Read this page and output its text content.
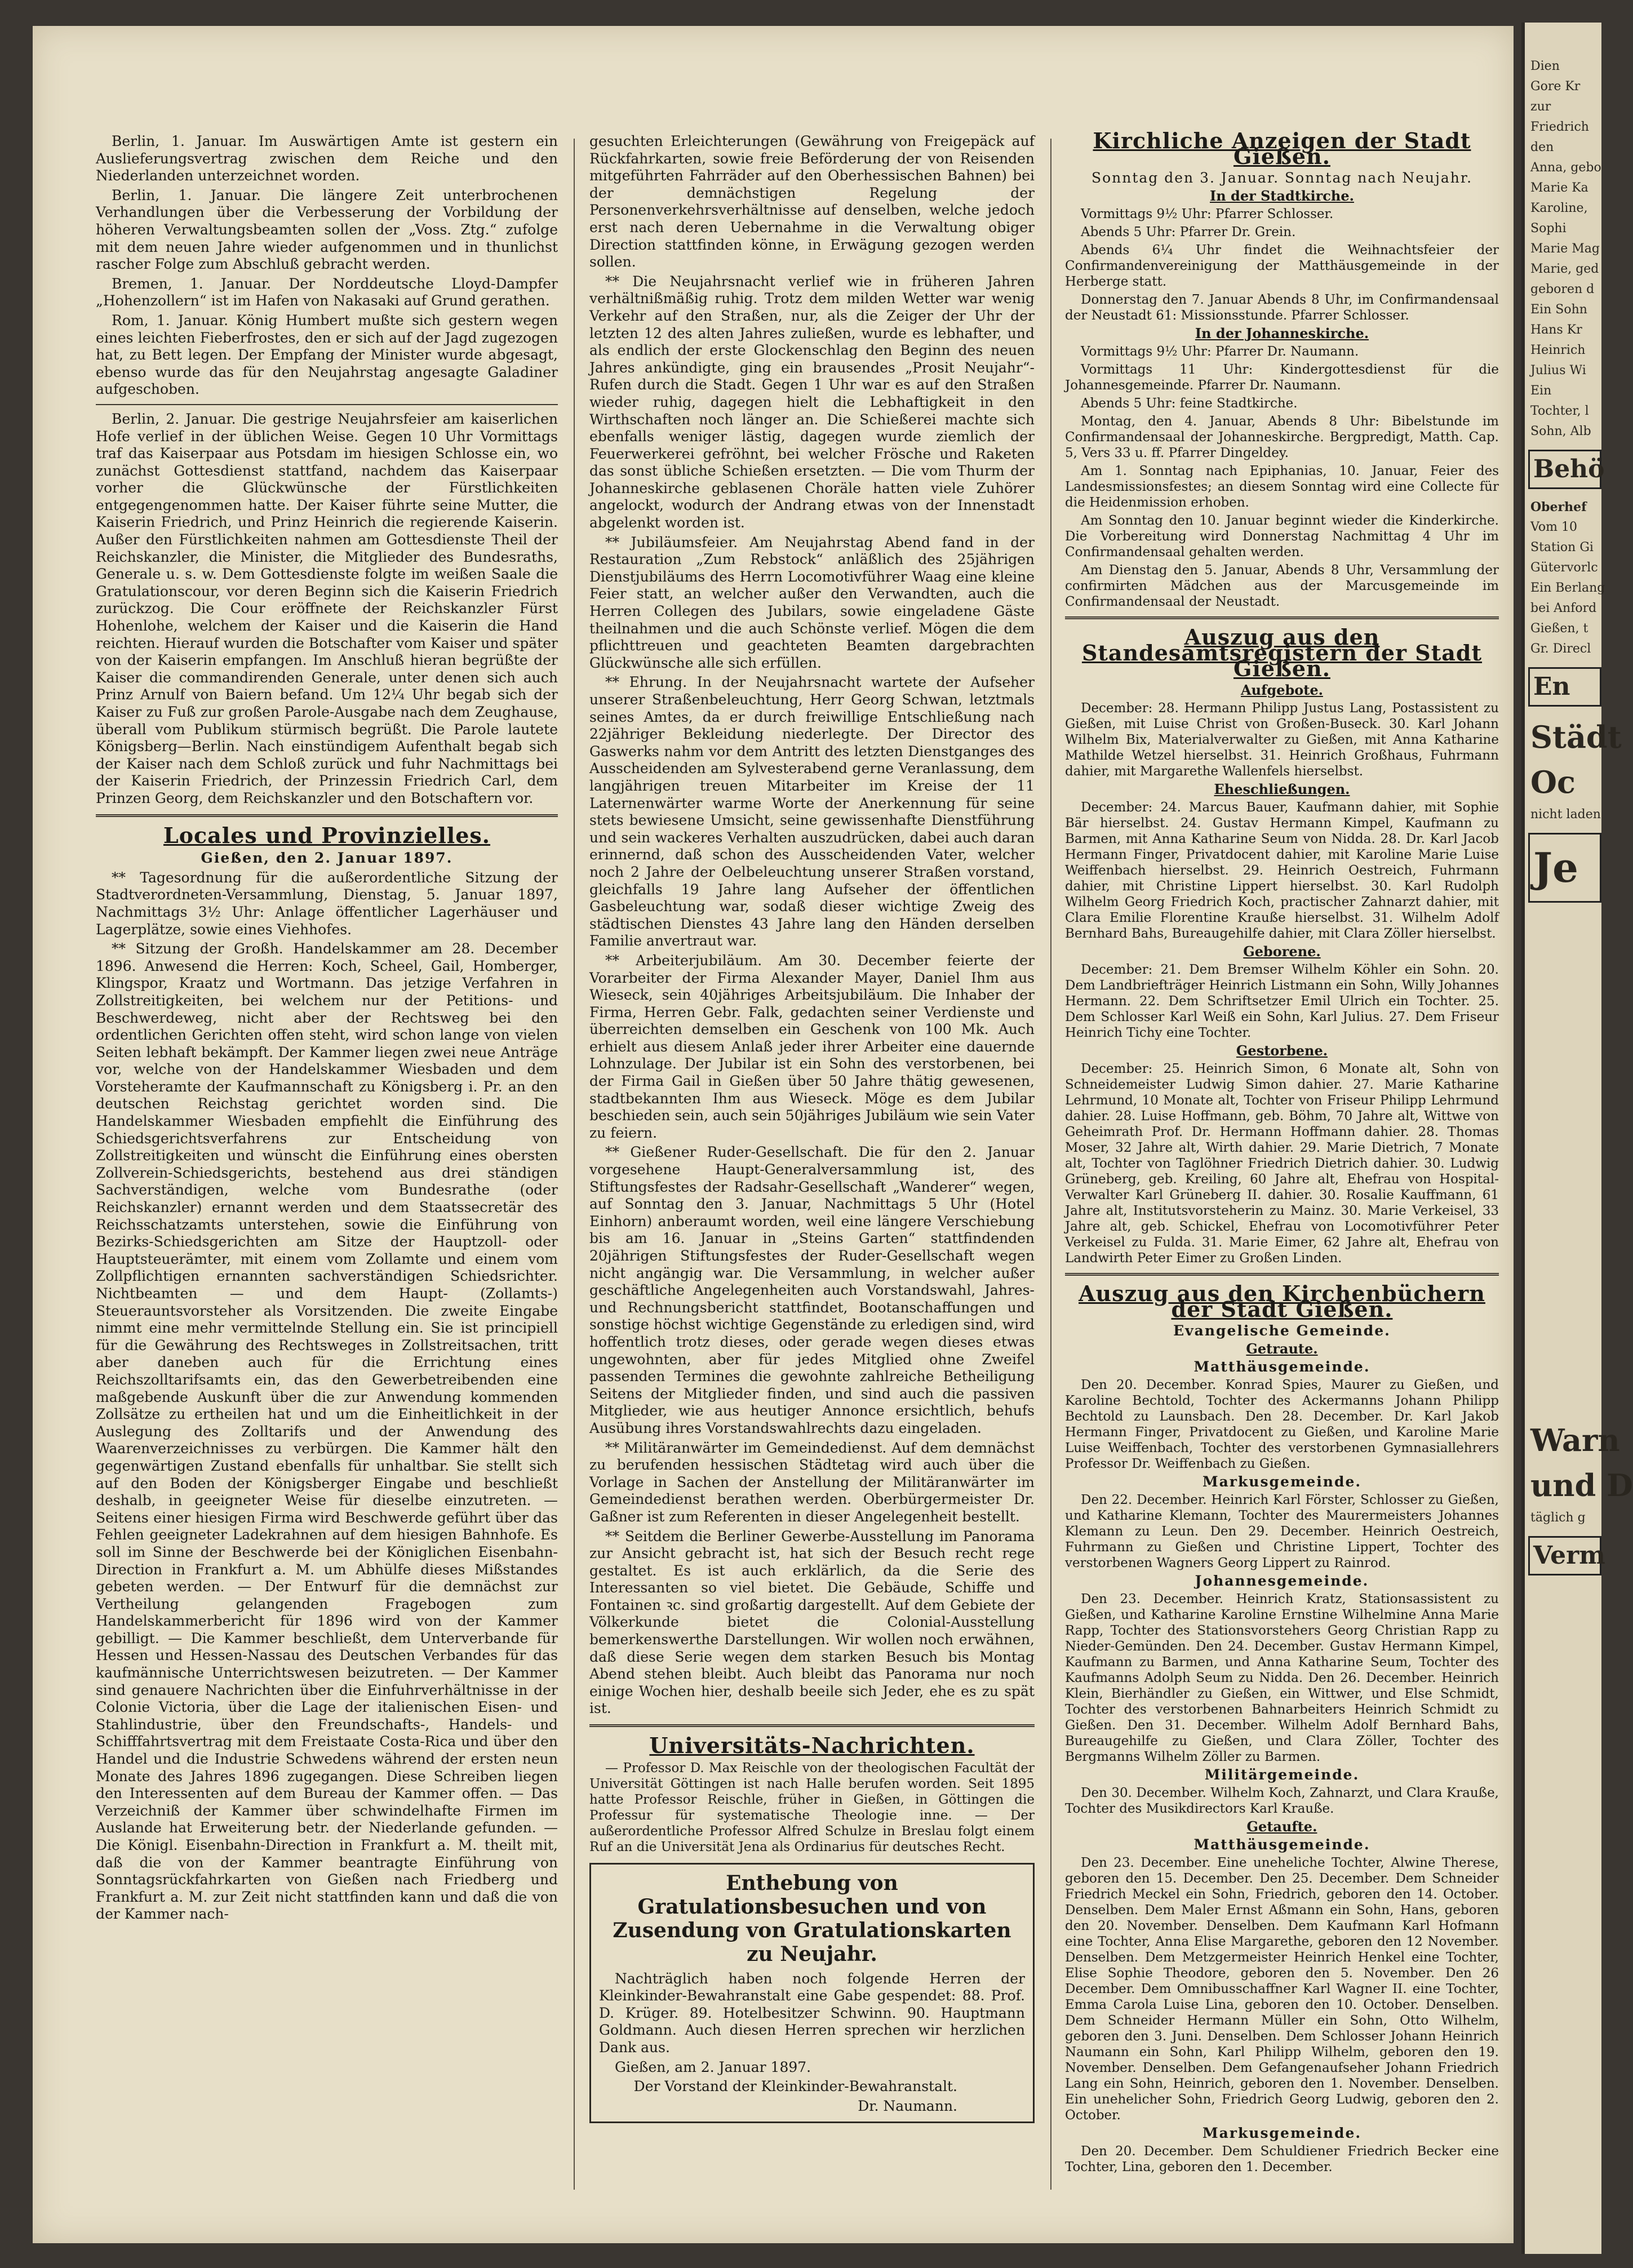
Berlin, 1. Januar. Im Auswärtigen Amte ist gestern ein Auslieferungsvertrag zwischen dem Reiche und den Niederlanden unterzeichnet worden.

Berlin, 1. Januar. Die längere Zeit unterbrochenen Verhandlungen über die Verbesserung der Vorbildung der höheren Verwaltungsbeamten sollen der „Voss. Ztg.“ zufolge mit dem neuen Jahre wieder aufgenommen und in thunlichst rascher Folge zum Abschluß gebracht werden.

Bremen, 1. Januar. Der Norddeutsche Lloyd-Dampfer „Hohenzollern“ ist im Hafen von Nakasaki auf Grund gerathen.

Rom, 1. Januar. König Humbert mußte sich gestern wegen eines leichten Fieberfrostes, den er sich auf der Jagd zugezogen hat, zu Bett legen. Der Empfang der Minister wurde abgesagt, ebenso wurde das für den Neujahrstag angesagte Galadiner aufgeschoben.

Berlin, 2. Januar. Die gestrige Neujahrsfeier am kaiserlichen Hofe verlief in der üblichen Weise. Gegen 10 Uhr Vormittags traf das Kaiserpaar aus Potsdam im hiesigen Schlosse ein, wo zunächst Gottesdienst stattfand, nachdem das Kaiserpaar vorher die Glückwünsche der Fürstlichkeiten entgegengenommen hatte. Der Kaiser führte seine Mutter, die Kaiserin Friedrich, und Prinz Heinrich die regierende Kaiserin. Außer den Fürstlichkeiten nahmen am Gottesdienste Theil der Reichskanzler, die Minister, die Mitglieder des Bundesraths, Generale u. s. w. Dem Gottesdienste folgte im weißen Saale die Gratulationscour, vor deren Beginn sich die Kaiserin Friedrich zurückzog. Die Cour eröffnete der Reichskanzler Fürst Hohenlohe, welchem der Kaiser und die Kaiserin die Hand reichten. Hierauf wurden die Botschafter vom Kaiser und später von der Kaiserin empfangen. Im Anschluß hieran begrüßte der Kaiser die commandirenden Generale, unter denen sich auch Prinz Arnulf von Baiern befand. Um 12¼ Uhr begab sich der Kaiser zu Fuß zur großen Parole-Ausgabe nach dem Zeughause, überall vom Publikum stürmisch begrüßt. Die Parole lautete Königsberg—Berlin. Nach einstündigem Aufenthalt begab sich der Kaiser nach dem Schloß zurück und fuhr Nachmittags bei der Kaiserin Friedrich, der Prinzessin Friedrich Carl, dem Prinzen Georg, dem Reichskanzler und den Botschaftern vor.

Locales und Provinzielles.
Gießen, den 2. Januar 1897.

** Tagesordnung für die außerordentliche Sitzung der Stadtverordneten-Versammlung, Dienstag, 5. Januar 1897, Nachmittags 3½ Uhr: Anlage öffentlicher Lagerhäuser und Lagerplätze, sowie eines Viehhofes.

** Sitzung der Großh. Handelskammer am 28. December 1896. Anwesend die Herren: Koch, Scheel, Gail, Homberger, Klingspor, Kraatz und Wortmann. Das jetzige Verfahren in Zollstreitigkeiten, bei welchem nur der Petitions- und Beschwerdeweg, nicht aber der Rechtsweg bei den ordentlichen Gerichten offen steht, wird schon lange von vielen Seiten lebhaft bekämpft. Der Kammer liegen zwei neue Anträge vor, welche von der Handelskammer Wiesbaden und dem Vorsteheramte der Kaufmannschaft zu Königsberg i. Pr. an den deutschen Reichstag gerichtet worden sind. Die Handelskammer Wiesbaden empfiehlt die Einführung des Schiedsgerichtsverfahrens zur Entscheidung von Zollstreitigkeiten und wünscht die Einführung eines obersten Zollverein-Schiedsgerichts, bestehend aus drei ständigen Sachverständigen, welche vom Bundesrathe (oder Reichskanzler) ernannt werden und dem Staatssecretär des Reichsschatzamts unterstehen, sowie die Einführung von Bezirks-Schiedsgerichten am Sitze der Hauptzoll- oder Hauptsteuerämter, mit einem vom Zollamte und einem vom Zollpflichtigen ernannten sachverständigen Schiedsrichter. Nichtbeamten — und dem Haupt- (Zollamts-) Steuerauntsvorsteher als Vorsitzenden. Die zweite Eingabe nimmt eine mehr vermittelnde Stellung ein. Sie ist principiell für die Gewährung des Rechtsweges in Zollstreitsachen, tritt aber daneben auch für die Errichtung eines Reichszolltarifsamts ein, das den Gewerbetreibenden eine maßgebende Auskunft über die zur Anwendung kommenden Zollsätze zu ertheilen hat und um die Einheitlichkeit in der Auslegung des Zolltarifs und der Anwendung des Waarenverzeichnisses zu verbürgen. Die Kammer hält den gegenwärtigen Zustand ebenfalls für unhaltbar. Sie stellt sich auf den Boden der Königsberger Eingabe und beschließt deshalb, in geeigneter Weise für dieselbe einzutreten. — Seitens einer hiesigen Firma wird Beschwerde geführt über das Fehlen geeigneter Ladekrahnen auf dem hiesigen Bahnhofe. Es soll im Sinne der Beschwerde bei der Königlichen Eisenbahn-Direction in Frankfurt a. M. um Abhülfe dieses Mißstandes gebeten werden. — Der Entwurf für die demnächst zur Vertheilung gelangenden Fragebogen zum Handelskammerbericht für 1896 wird von der Kammer gebilligt. — Die Kammer beschließt, dem Unterverbande für Hessen und Hessen-Nassau des Deutschen Verbandes für das kaufmännische Unterrichtswesen beizutreten. — Der Kammer sind genauere Nachrichten über die Einfuhrverhältnisse in der Colonie Victoria, über die Lage der italienischen Eisen- und Stahlindustrie, über den Freundschafts-, Handels- und Schifffahrtsvertrag mit dem Freistaate Costa-Rica und über den Handel und die Industrie Schwedens während der ersten neun Monate des Jahres 1896 zugegangen. Diese Schreiben liegen den Interessenten auf dem Bureau der Kammer offen. — Das Verzeichniß der Kammer über schwindelhafte Firmen im Auslande hat Erweiterung betr. der Niederlande gefunden. — Die Königl. Eisenbahn-Direction in Frankfurt a. M. theilt mit, daß die von der Kammer beantragte Einführung von Sonntagsrückfahrkarten von Gießen nach Friedberg und Frankfurt a. M. zur Zeit nicht stattfinden kann und daß die von der Kammer nach-

gesuchten Erleichterungen (Gewährung von Freigepäck auf Rückfahrkarten, sowie freie Beförderung der von Reisenden mitgeführten Fahrräder auf den Oberhessischen Bahnen) bei der demnächstigen Regelung der Personenverkehrsverhältnisse auf denselben, welche jedoch erst nach deren Uebernahme in die Verwaltung obiger Direction stattfinden könne, in Erwägung gezogen werden sollen.

** Die Neujahrsnacht verlief wie in früheren Jahren verhältnißmäßig ruhig. Trotz dem milden Wetter war wenig Verkehr auf den Straßen, nur, als die Zeiger der Uhr der letzten 12 des alten Jahres zuließen, wurde es lebhafter, und als endlich der erste Glockenschlag den Beginn des neuen Jahres ankündigte, ging ein brausendes „Prosit Neujahr“-Rufen durch die Stadt. Gegen 1 Uhr war es auf den Straßen wieder ruhig, dagegen hielt die Lebhaftigkeit in den Wirthschaften noch länger an. Die Schießerei machte sich ebenfalls weniger lästig, dagegen wurde ziemlich der Feuerwerkerei gefröhnt, bei welcher Frösche und Raketen das sonst übliche Schießen ersetzten. — Die vom Thurm der Johanneskirche geblasenen Choräle hatten viele Zuhörer angelockt, wodurch der Andrang etwas von der Innenstadt abgelenkt worden ist.

** Jubiläumsfeier. Am Neujahrstag Abend fand in der Restauration „Zum Rebstock“ anläßlich des 25jährigen Dienstjubiläums des Herrn Locomotivführer Waag eine kleine Feier statt, an welcher außer den Verwandten, auch die Herren Collegen des Jubilars, sowie eingeladene Gäste theilnahmen und die auch Schönste verlief. Mögen die dem pflichttreuen und geachteten Beamten dargebrachten Glückwünsche alle sich erfüllen.

** Ehrung. In der Neujahrsnacht wartete der Aufseher unserer Straßenbeleuchtung, Herr Georg Schwan, letztmals seines Amtes, da er durch freiwillige Entschließung nach 22jähriger Bekleidung niederlegte. Der Director des Gaswerks nahm vor dem Antritt des letzten Dienstganges des Ausscheidenden am Sylvesterabend gerne Veranlassung, dem langjährigen treuen Mitarbeiter im Kreise der 11 Laternenwärter warme Worte der Anerkennung für seine stets bewiesene Umsicht, seine gewissenhafte Dienstführung und sein wackeres Verhalten auszudrücken, dabei auch daran erinnernd, daß schon des Ausscheidenden Vater, welcher noch 2 Jahre der Oelbeleuchtung unserer Straßen vorstand, gleichfalls 19 Jahre lang Aufseher der öffentlichen Gasbeleuchtung war, sodaß dieser wichtige Zweig des städtischen Dienstes 43 Jahre lang den Händen derselben Familie anvertraut war.

** Arbeiterjubiläum. Am 30. December feierte der Vorarbeiter der Firma Alexander Mayer, Daniel Ihm aus Wieseck, sein 40jähriges Arbeitsjubiläum. Die Inhaber der Firma, Herren Gebr. Falk, gedachten seiner Verdienste und überreichten demselben ein Geschenk von 100 Mk. Auch erhielt aus diesem Anlaß jeder ihrer Arbeiter eine dauernde Lohnzulage. Der Jubilar ist ein Sohn des verstorbenen, bei der Firma Gail in Gießen über 50 Jahre thätig gewesenen, stadtbekannten Ihm aus Wieseck. Möge es dem Jubilar beschieden sein, auch sein 50jähriges Jubiläum wie sein Vater zu feiern.

** Gießener Ruder-Gesellschaft. Die für den 2. Januar vorgesehene Haupt-Generalversammlung ist, des Stiftungsfestes der Radsahr-Gesellschaft „Wanderer“ wegen, auf Sonntag den 3. Januar, Nachmittags 5 Uhr (Hotel Einhorn) anberaumt worden, weil eine längere Verschiebung bis am 16. Januar in „Steins Garten“ stattfindenden 20jährigen Stiftungsfestes der Ruder-Gesellschaft wegen nicht angängig war. Die Versammlung, in welcher außer geschäftliche Angelegenheiten auch Vorstandswahl, Jahres- und Rechnungsbericht stattfindet, Bootanschaffungen und sonstige höchst wichtige Gegenstände zu erledigen sind, wird hoffentlich trotz dieses, oder gerade wegen dieses etwas ungewohnten, aber für jedes Mitglied ohne Zweifel passenden Termines die gewohnte zahlreiche Betheiligung Seitens der Mitglieder finden, und sind auch die passiven Mitglieder, wie aus heutiger Annonce ersichtlich, behufs Ausübung ihres Vorstandswahlrechts dazu eingeladen.

** Militäranwärter im Gemeindedienst. Auf dem demnächst zu berufenden hessischen Städtetag wird auch über die Vorlage in Sachen der Anstellung der Militäranwärter im Gemeindedienst berathen werden. Oberbürgermeister Dr. Gaßner ist zum Referenten in dieser Angelegenheit bestellt.

** Seitdem die Berliner Gewerbe-Ausstellung im Panorama zur Ansicht gebracht ist, hat sich der Besuch recht rege gestaltet. Es ist auch erklärlich, da die Serie des Interessanten so viel bietet. Die Gebäude, Schiffe und Fontainen ꝛc. sind großartig dargestellt. Auf dem Gebiete der Völkerkunde bietet die Colonial-Ausstellung bemerkenswerthe Darstellungen. Wir wollen noch erwähnen, daß diese Serie wegen dem starken Besuch bis Montag Abend stehen bleibt. Auch bleibt das Panorama nur noch einige Wochen hier, deshalb beeile sich Jeder, ehe es zu spät ist.

Universitäts-Nachrichten.

— Professor D. Max Reischle von der theologischen Facultät der Universität Göttingen ist nach Halle berufen worden. Seit 1895 hatte Professor Reischle, früher in Gießen, in Göttingen die Professur für systematische Theologie inne. — Der außerordentliche Professor Alfred Schulze in Breslau folgt einem Ruf an die Universität Jena als Ordinarius für deutsches Recht.

Enthebung von Gratulationsbesuchen und von Zusendung von Gratulationskarten zu Neujahr.

Nachträglich haben noch folgende Herren der Kleinkinder-Bewahranstalt eine Gabe gespendet: 88. Prof. D. Krüger. 89. Hotelbesitzer Schwinn. 90. Hauptmann Goldmann. Auch diesen Herren sprechen wir herzlichen Dank aus.

Gießen, am 2. Januar 1897.

Der Vorstand der Kleinkinder-Bewahranstalt.

Dr. Naumann.

Kirchliche Anzeigen der Stadt Gießen.
Sonntag den 3. Januar. Sonntag nach Neujahr.
In der Stadtkirche.

Vormittags 9½ Uhr: Pfarrer Schlosser.

Abends 5 Uhr: Pfarrer Dr. Grein.

Abends 6¼ Uhr findet die Weihnachtsfeier der Confirmandenvereinigung der Matthäusgemeinde in der Herberge statt.

Donnerstag den 7. Januar Abends 8 Uhr, im Confirmandensaal der Neustadt 61: Missionsstunde. Pfarrer Schlosser.

In der Johanneskirche.

Vormittags 9½ Uhr: Pfarrer Dr. Naumann.

Vormittags 11 Uhr: Kindergottesdienst für die Johannesgemeinde. Pfarrer Dr. Naumann.

Abends 5 Uhr: feine Stadtkirche.

Montag, den 4. Januar, Abends 8 Uhr: Bibelstunde im Confirmandensaal der Johanneskirche. Bergpredigt, Matth. Cap. 5, Vers 33 u. ff. Pfarrer Dingeldey.

Am 1. Sonntag nach Epiphanias, 10. Januar, Feier des Landesmissionsfestes; an diesem Sonntag wird eine Collecte für die Heidenmission erhoben.

Am Sonntag den 10. Januar beginnt wieder die Kinderkirche. Die Vorbereitung wird Donnerstag Nachmittag 4 Uhr im Confirmandensaal gehalten werden.

Am Dienstag den 5. Januar, Abends 8 Uhr, Versammlung der confirmirten Mädchen aus der Marcusgemeinde im Confirmandensaal der Neustadt.

Auszug aus den Standesamtsregistern der Stadt Gießen.
Aufgebote.

December: 28. Hermann Philipp Justus Lang, Postassistent zu Gießen, mit Luise Christ von Großen-Buseck. 30. Karl Johann Wilhelm Bix, Materialverwalter zu Gießen, mit Anna Katharine Mathilde Wetzel hierselbst. 31. Heinrich Großhaus, Fuhrmann dahier, mit Margarethe Wallenfels hierselbst.

Eheschließungen.

December: 24. Marcus Bauer, Kaufmann dahier, mit Sophie Bär hierselbst. 24. Gustav Hermann Kimpel, Kaufmann zu Barmen, mit Anna Katharine Seum von Nidda. 28. Dr. Karl Jacob Hermann Finger, Privatdocent dahier, mit Karoline Marie Luise Weiffenbach hierselbst. 29. Heinrich Oestreich, Fuhrmann dahier, mit Christine Lippert hierselbst. 30. Karl Rudolph Wilhelm Georg Friedrich Koch, practischer Zahnarzt dahier, mit Clara Emilie Florentine Krauße hierselbst. 31. Wilhelm Adolf Bernhard Bahs, Bureaugehilfe dahier, mit Clara Zöller hierselbst.

Geborene.

December: 21. Dem Bremser Wilhelm Köhler ein Sohn. 20. Dem Landbriefträger Heinrich Listmann ein Sohn, Willy Johannes Hermann. 22. Dem Schriftsetzer Emil Ulrich ein Tochter. 25. Dem Schlosser Karl Weiß ein Sohn, Karl Julius. 27. Dem Friseur Heinrich Tichy eine Tochter.

Gestorbene.

December: 25. Heinrich Simon, 6 Monate alt, Sohn von Schneidemeister Ludwig Simon dahier. 27. Marie Katharine Lehrmund, 10 Monate alt, Tochter von Friseur Philipp Lehrmund dahier. 28. Luise Hoffmann, geb. Böhm, 70 Jahre alt, Wittwe von Geheimrath Prof. Dr. Hermann Hoffmann dahier. 28. Thomas Moser, 32 Jahre alt, Wirth dahier. 29. Marie Dietrich, 7 Monate alt, Tochter von Taglöhner Friedrich Dietrich dahier. 30. Ludwig Grüneberg, geb. Kreiling, 60 Jahre alt, Ehefrau von Hospital-Verwalter Karl Grüneberg II. dahier. 30. Rosalie Kauffmann, 61 Jahre alt, Institutsvorsteherin zu Mainz. 30. Marie Verkeisel, 33 Jahre alt, geb. Schickel, Ehefrau von Locomotivführer Peter Verkeisel zu Fulda. 31. Marie Eimer, 62 Jahre alt, Ehefrau von Landwirth Peter Eimer zu Großen Linden.

Auszug aus den Kirchenbüchern der Stadt Gießen.
Evangelische Gemeinde.
Getraute.
Matthäusgemeinde.

Den 20. December. Konrad Spies, Maurer zu Gießen, und Karoline Bechtold, Tochter des Ackermanns Johann Philipp Bechtold zu Launsbach. Den 28. December. Dr. Karl Jakob Hermann Finger, Privatdocent zu Gießen, und Karoline Marie Luise Weiffenbach, Tochter des verstorbenen Gymnasiallehrers Professor Dr. Weiffenbach zu Gießen.

Markusgemeinde.

Den 22. December. Heinrich Karl Förster, Schlosser zu Gießen, und Katharine Klemann, Tochter des Maurermeisters Johannes Klemann zu Leun. Den 29. December. Heinrich Oestreich, Fuhrmann zu Gießen und Christine Lippert, Tochter des verstorbenen Wagners Georg Lippert zu Rainrod.

Johannesgemeinde.

Den 23. December. Heinrich Kratz, Stationsassistent zu Gießen, und Katharine Karoline Ernstine Wilhelmine Anna Marie Rapp, Tochter des Stationsvorstehers Georg Christian Rapp zu Nieder-Gemünden. Den 24. December. Gustav Hermann Kimpel, Kaufmann zu Barmen, und Anna Katharine Seum, Tochter des Kaufmanns Adolph Seum zu Nidda. Den 26. December. Heinrich Klein, Bierhändler zu Gießen, ein Wittwer, und Else Schmidt, Tochter des verstorbenen Bahnarbeiters Heinrich Schmidt zu Gießen. Den 31. December. Wilhelm Adolf Bernhard Bahs, Bureaugehilfe zu Gießen, und Clara Zöller, Tochter des Bergmanns Wilhelm Zöller zu Barmen.

Militärgemeinde.

Den 30. December. Wilhelm Koch, Zahnarzt, und Clara Krauße, Tochter des Musikdirectors Karl Krauße.

Getaufte.
Matthäusgemeinde.

Den 23. December. Eine uneheliche Tochter, Alwine Therese, geboren den 15. December. Den 25. December. Dem Schneider Friedrich Meckel ein Sohn, Friedrich, geboren den 14. October. Denselben. Dem Maler Ernst Aßmann ein Sohn, Hans, geboren den 20. November. Denselben. Dem Kaufmann Karl Hofmann eine Tochter, Anna Elise Margarethe, geboren den 12 November. Denselben. Dem Metzgermeister Heinrich Henkel eine Tochter, Elise Sophie Theodore, geboren den 5. November. Den 26 December. Dem Omnibusschaffner Karl Wagner II. eine Tochter, Emma Carola Luise Lina, geboren den 10. October. Denselben. Dem Schneider Hermann Müller ein Sohn, Otto Wilhelm, geboren den 3. Juni. Denselben. Dem Schlosser Johann Heinrich Naumann ein Sohn, Karl Philipp Wilhelm, geboren den 19. November. Denselben. Dem Gefangenaufseher Johann Friedrich Lang ein Sohn, Heinrich, geboren den 1. November. Denselben. Ein unehelicher Sohn, Friedrich Georg Ludwig, geboren den 2. October.

Markusgemeinde.

Den 20. December. Dem Schuldiener Friedrich Becker eine Tochter, Lina, geboren den 1. December.

Dien
Gore Kr
zur
Friedrich
den
Anna, gebo
Marie Ka
Karoline,
Sophi
Marie Mag
Marie, ged
geboren d
Ein Sohn
Hans Kr
Heinrich
Julius Wi
Ein
Tochter, l
Sohn, Alb
Behö
Oberhef
Vom 10
Station Gi
Gütervorlc
Ein Berlang
bei Anford
Gießen, t
Gr. Direcl
En
Städt
Oc
nicht laden
Je
Warn
und D
täglich g
Verm
